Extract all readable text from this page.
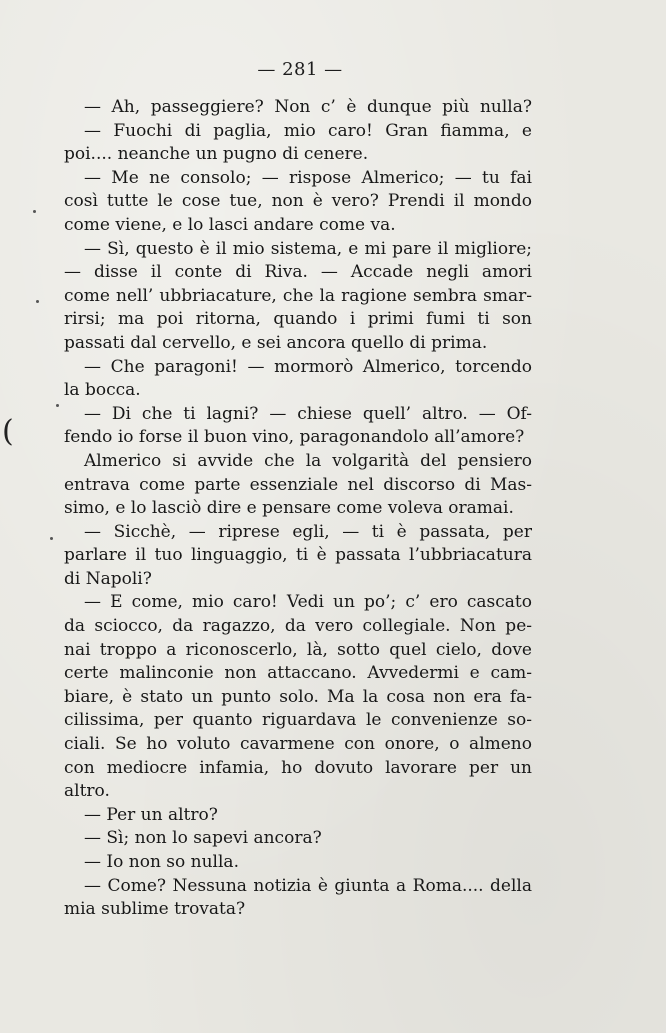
— 281 —
— Ah, passeggiere? Non c’ è dunque più nulla?
— Fuochi di paglia, mio caro! Gran fiamma, e
poi.... neanche un pugno di cenere.
— Me ne consolo; — rispose Almerico; — tu fai
così tutte le cose tue, non è vero? Prendi il mondo
come viene, e lo lasci andare come va.
— Sì, questo è il mio sistema, e mi pare il migliore;
— disse il conte di Riva. — Accade negli amori
come nell’ ubbriacature, che la ragione sembra smar-
rirsi; ma poi ritorna, quando i primi fumi ti son
passati dal cervello, e sei ancora quello di prima.
— Che paragoni! — mormorò Almerico, torcendo
la bocca.
— Di che ti lagni? — chiese quell’ altro. — Of-
fendo io forse il buon vino, paragonandolo all’amore?
Almerico si avvide che la volgarità del pensiero
entrava come parte essenziale nel discorso di Mas-
simo, e lo lasciò dire e pensare come voleva oramai.
— Sicchè, — riprese egli, — ti è passata, per
parlare il tuo linguaggio, ti è passata l’ubbriacatura
di Napoli?
— E come, mio caro! Vedi un po’; c’ ero cascato
da sciocco, da ragazzo, da vero collegiale. Non pe-
nai troppo a riconoscerlo, là, sotto quel cielo, dove
certe malinconie non attaccano. Avvedermi e cam-
biare, è stato un punto solo. Ma la cosa non era fa-
cilissima, per quanto riguardava le convenienze so-
ciali. Se ho voluto cavarmene con onore, o almeno
con mediocre infamia, ho dovuto lavorare per un
altro.
— Per un altro?
— Sì; non lo sapevi ancora?
— Io non so nulla.
— Come? Nessuna notizia è giunta a Roma.... della
mia sublime trovata?
(
